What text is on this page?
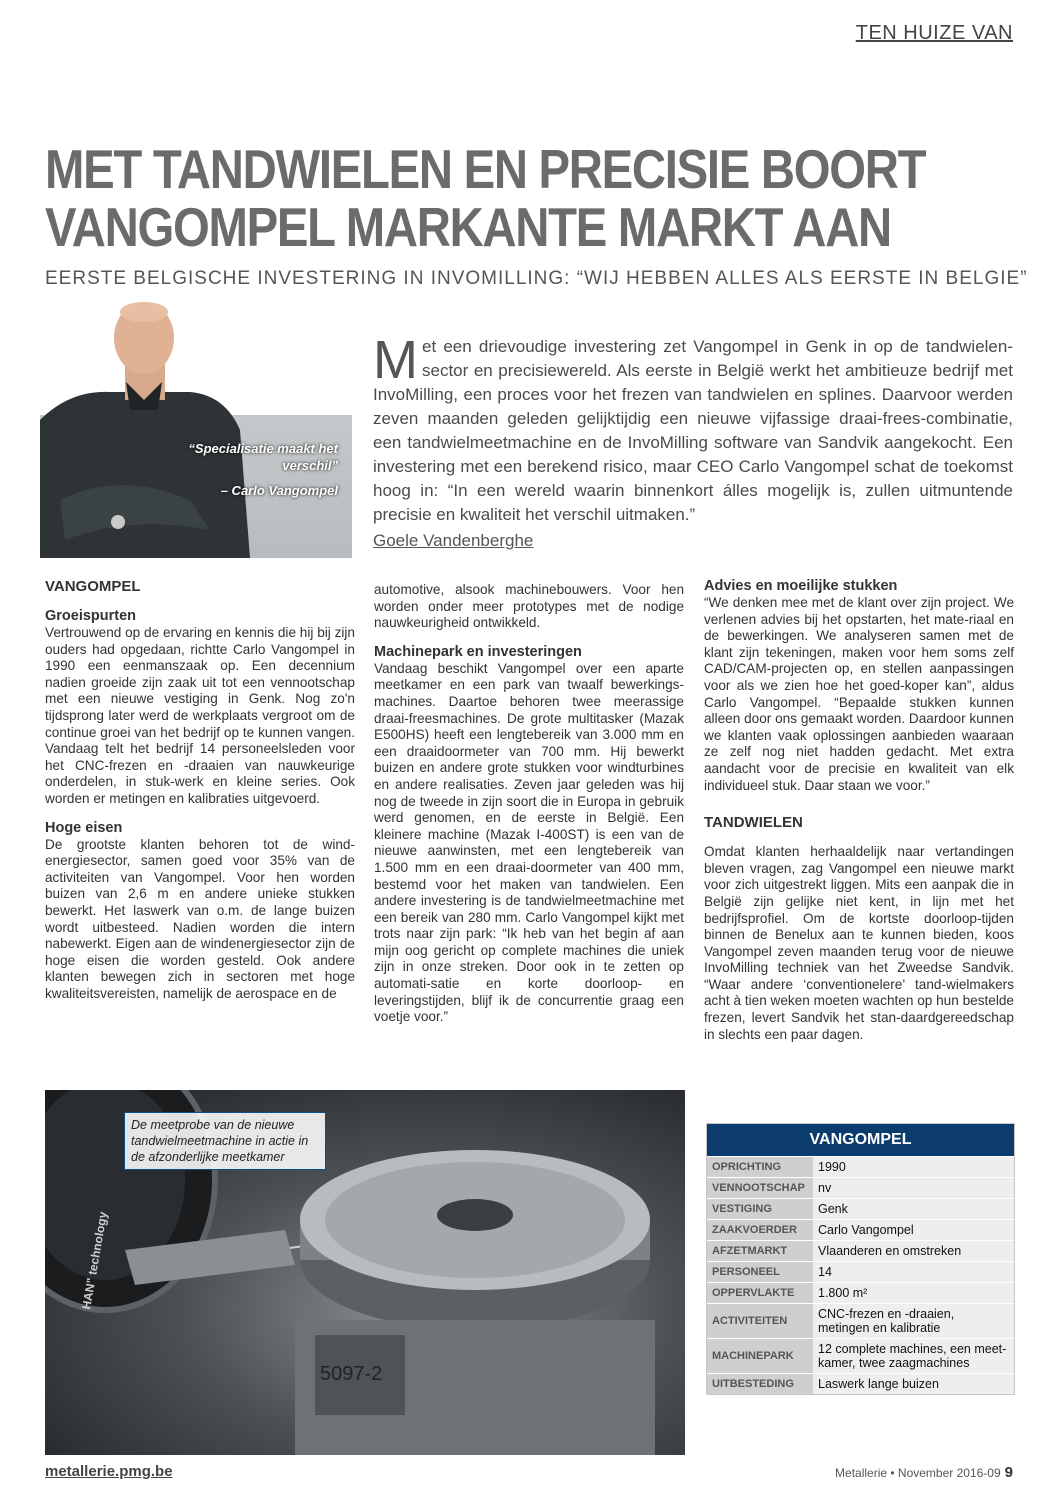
TEN HUIZE VAN
MET TANDWIELEN EN PRECISIE BOORT
VANGOMPEL MARKANTE MARKT AAN
EERSTE BELGISCHE INVESTERING IN INVOMILLING: “WIJ HEBBEN ALLES ALS EERSTE IN BELGIE”
“Specialisatie maakt het verschil”
– Carlo Vangompel
Met een drievoudige investering zet Vangompel in Genk in op de tandwielen-sector en precisiewereld. Als eerste in België werkt het ambitieuze bedrijf met InvoMilling, een proces voor het frezen van tandwielen en splines. Daarvoor werden zeven maanden geleden gelijktijdig een nieuwe vijfassige draai-frees-combinatie, een tandwielmeetmachine en de InvoMilling software van Sandvik aangekocht. Een investering met een berekend risico, maar CEO Carlo Vangompel schat de toekomst hoog in: “In een wereld waarin binnenkort álles mogelijk is, zullen uitmuntende precisie en kwaliteit het verschil uitmaken.”
Goele Vandenberghe
VANGOMPEL
Groeispurten

Vertrouwend op de ervaring en kennis die hij bij zijn ouders had opgedaan, richtte Carlo Vangompel in 1990 een eenmanszaak op. Een decennium nadien groeide zijn zaak uit tot een vennootschap met een nieuwe vestiging in Genk. Nog zo'n tijdsprong later werd de werkplaats vergroot om de continue groei van het bedrijf op te kunnen vangen. Vandaag telt het bedrijf 14 personeelsleden voor het CNC-frezen en -draaien van nauwkeurige onderdelen, in stuk-werk en kleine series. Ook worden er metingen en kalibraties uitgevoerd.

Hoge eisen

De grootste klanten behoren tot de wind-energiesector, samen goed voor 35% van de activiteiten van Vangompel. Voor hen worden buizen van 2,6 m en andere unieke stukken bewerkt. Het laswerk van o.m. de lange buizen wordt uitbesteed. Nadien worden die intern nabewerkt. Eigen aan de windenergiesector zijn de hoge eisen die worden gesteld. Ook andere klanten bewegen zich in sectoren met hoge kwaliteitsvereisten, namelijk de aerospace en de

automotive, alsook machinebouwers. Voor hen worden onder meer prototypes met de nodige nauwkeurigheid ontwikkeld.

Machinepark en investeringen

Vandaag beschikt Vangompel over een aparte meetkamer en een park van twaalf bewerkings-machines. Daartoe behoren twee meerassige draai-freesmachines. De grote multitasker (Mazak E500HS) heeft een lengtebereik van 3.000 mm en een draaidoormeter van 700 mm. Hij bewerkt buizen en andere grote stukken voor windturbines en andere realisaties. Zeven jaar geleden was hij nog de tweede in zijn soort die in Europa in gebruik werd genomen, en de eerste in België. Een kleinere machine (Mazak I-400ST) is een van de nieuwe aanwinsten, met een lengtebereik van 1.500 mm en een draai-doormeter van 400 mm, bestemd voor het maken van tandwielen. Een andere investering is de tandwielmeetmachine met een bereik van 280 mm. Carlo Vangompel kijkt met trots naar zijn park: “Ik heb van het begin af aan mijn oog gericht op complete machines die uniek zijn in onze streken. Door ook in te zetten op automati-satie en korte doorloop- en leveringstijden, blijf ik de concurrentie graag een voetje voor.”

Advies en moeilijke stukken

“We denken mee met de klant over zijn project. We verlenen advies bij het opstarten, het mate-riaal en de bewerkingen. We analyseren samen met de klant zijn tekeningen, maken voor hem soms zelf CAD/CAM-projecten op, en stellen aanpassingen voor als we zien hoe het goed-koper kan”, aldus Carlo Vangompel. “Bepaalde stukken kunnen alleen door ons gemaakt worden. Daardoor kunnen we klanten vaak oplossingen aanbieden waaraan ze zelf nog niet hadden gedacht. Met extra aandacht voor de precisie en kwaliteit van elk individueel stuk. Daar staan we voor.”

TANDWIELEN

Omdat klanten herhaaldelijk naar vertandingen bleven vragen, zag Vangompel een nieuwe markt voor zich uitgestrekt liggen. Mits een aanpak die in België zijn gelijke niet kent, in lijn met het bedrijfsprofiel. Om de kortste doorloop-tijden binnen de Benelux aan te kunnen bieden, koos Vangompel zeven maanden terug voor de nieuwe InvoMilling techniek van het Zweedse Sandvik. “Waar andere ‘conventionelere’ tand-wielmakers acht à tien weken moeten wachten op hun bestelde frezen, levert Sandvik het stan-daardgereedschap in slechts een paar dagen.

5097-2
HAN" technology
De meetprobe van de nieuwe tandwielmeetmachine in actie in de afzonderlijke meetkamer
VANGOMPEL
OPRICHTING	1990
VENNOOTSCHAP	nv
VESTIGING	Genk
ZAAKVOERDER	Carlo Vangompel
AFZETMARKT	Vlaanderen en omstreken
PERSONEEL	14
OPPERVLAKTE	1.800 m²
ACTIVITEITEN	CNC-frezen en -draaien, metingen en kalibratie
MACHINEPARK	12 complete machines, een meet-kamer, twee zaagmachines
UITBESTEDING	Laswerk lange buizen
metallerie.pmg.be	Metallerie • November 2016-09 9
